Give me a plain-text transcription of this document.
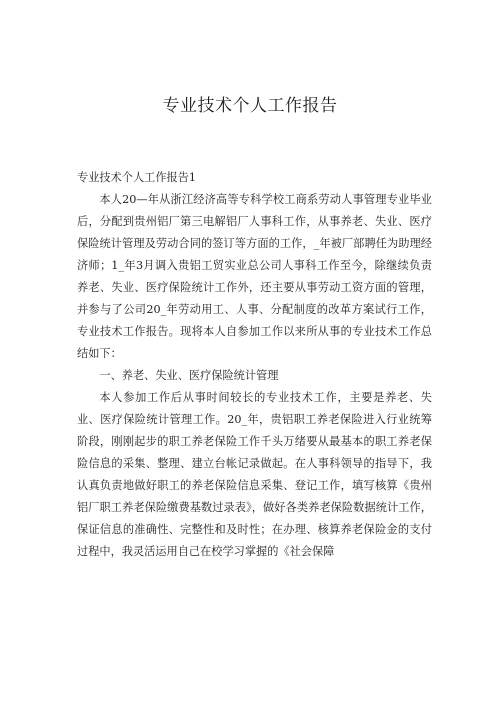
专业技术个人工作报告

专业技术个人工作报告1

本人20—年从浙江经济高等专科学校工商系劳动人事管理专业毕业后，分配到贵州铝厂第三电解铝厂人事科工作，从事养老、失业、医疗保险统计管理及劳动合同的签订等方面的工作，_年被厂部聘任为助理经济师；1_年3月调入贵铝工贸实业总公司人事科工作至今，除继续负责养老、失业、医疗保险统计工作外，还主要从事劳动工资方面的管理，并参与了公司20_年劳动用工、人事、分配制度的改革方案试行工作，专业技术工作报告。现将本人自参加工作以来所从事的专业技术工作总结如下：

一、养老、失业、医疗保险统计管理

本人参加工作后从事时间较长的专业技术工作，主要是养老、失业、医疗保险统计管理工作。20_年，贵铝职工养老保险进入行业统筹阶段，刚刚起步的职工养老保险工作千头万绪要从最基本的职工养老保险信息的采集、整理、建立台帐记录做起。在人事科领导的指导下，我认真负责地做好职工的养老保险信息采集、登记工作，填写核算《贵州铝厂职工养老保险缴费基数过录表》，做好各类养老保险数据统计工作，保证信息的准确性、完整性和及时性；在办理、核算养老保险金的支付过程中，我灵活运用自己在校学习掌握的《社会保障
